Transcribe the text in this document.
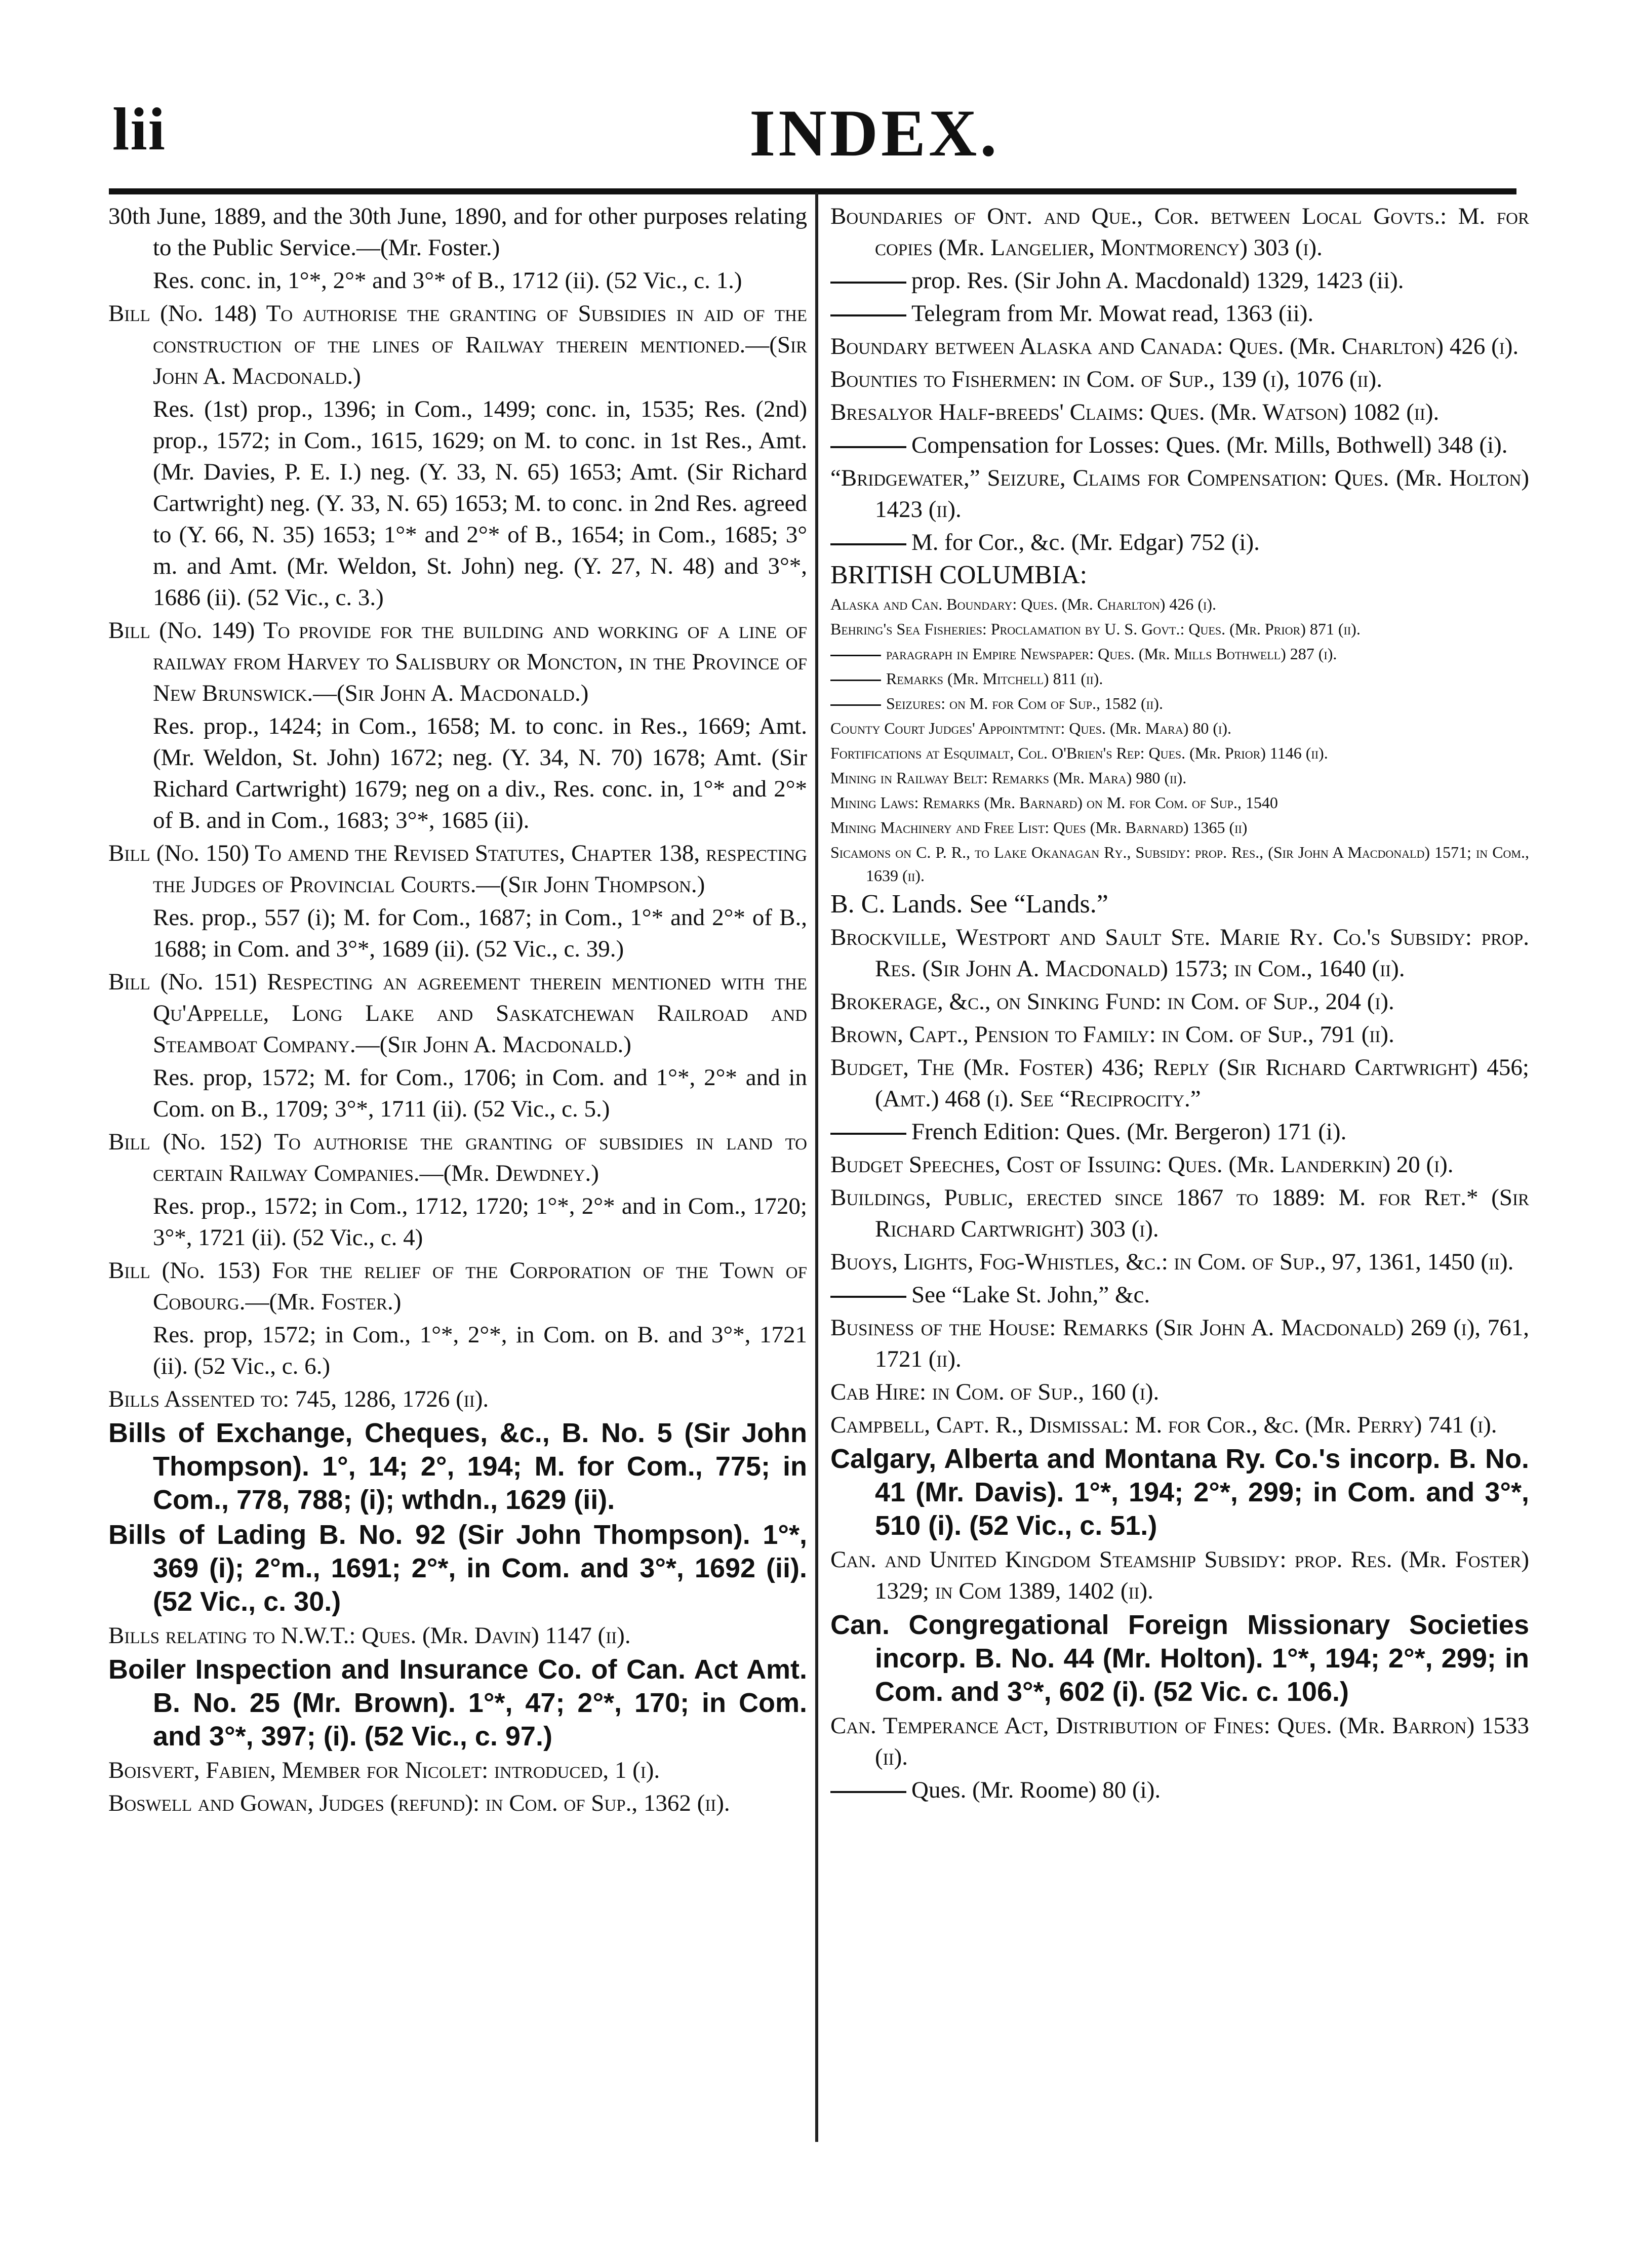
lii	INDEX.

30th June, 1889, and the 30th June, 1890, and for other purposes relating to the Public Service.—(Mr. Foster.)

Res. conc. in, 1°*, 2°* and 3°* of B., 1712 (ii). (52 Vic., c. 1.)

Bill (No. 148) To authorise the granting of Subsidies in aid of the construction of the lines of Railway therein mentioned.—(Sir John A. Macdonald.)

Res. (1st) prop., 1396; in Com., 1499; conc. in, 1535; Res. (2nd) prop., 1572; in Com., 1615, 1629; on M. to conc. in 1st Res., Amt. (Mr. Davies, P. E. I.) neg. (Y. 33, N. 65) 1653; Amt. (Sir Richard Cartwright) neg. (Y. 33, N. 65) 1653; M. to conc. in 2nd Res. agreed to (Y. 66, N. 35) 1653; 1°* and 2°* of B., 1654; in Com., 1685; 3° m. and Amt. (Mr. Weldon, St. John) neg. (Y. 27, N. 48) and 3°*, 1686 (ii). (52 Vic., c. 3.)

Bill (No. 149) To provide for the building and working of a line of railway from Harvey to Salisbury or Moncton, in the Province of New Brunswick.—(Sir John A. Macdonald.)

Res. prop., 1424; in Com., 1658; M. to conc. in Res., 1669; Amt. (Mr. Weldon, St. John) 1672; neg. (Y. 34, N. 70) 1678; Amt. (Sir Richard Cartwright) 1679; neg on a div., Res. conc. in, 1°* and 2°* of B. and in Com., 1683; 3°*, 1685 (ii).

Bill (No. 150) To amend the Revised Statutes, Chapter 138, respecting the Judges of Provincial Courts.—(Sir John Thompson.)

Res. prop., 557 (i); M. for Com., 1687; in Com., 1°* and 2°* of B., 1688; in Com. and 3°*, 1689 (ii). (52 Vic., c. 39.)

Bill (No. 151) Respecting an agreement therein mentioned with the Qu'Appelle, Long Lake and Saskatchewan Railroad and Steamboat Company.—(Sir John A. Macdonald.)

Res. prop, 1572; M. for Com., 1706; in Com. and 1°*, 2°* and in Com. on B., 1709; 3°*, 1711 (ii). (52 Vic., c. 5.)

Bill (No. 152) To authorise the granting of subsidies in land to certain Railway Companies.—(Mr. Dewdney.)

Res. prop., 1572; in Com., 1712, 1720; 1°*, 2°* and in Com., 1720; 3°*, 1721 (ii). (52 Vic., c. 4)

Bill (No. 153) For the relief of the Corporation of the Town of Cobourg.—(Mr. Foster.)

Res. prop, 1572; in Com., 1°*, 2°*, in Com. on B. and 3°*, 1721 (ii). (52 Vic., c. 6.)

Bills Assented to: 745, 1286, 1726 (ii).

Bills of Exchange, Cheques, &c., B. No. 5 (Sir John Thompson). 1°, 14; 2°, 194; M. for Com., 775; in Com., 778, 788; (i); wthdn., 1629 (ii).

Bills of Lading B. No. 92 (Sir John Thompson). 1°*, 369 (i); 2°m., 1691; 2°*, in Com. and 3°*, 1692 (ii). (52 Vic., c. 30.)

Bills relating to N.W.T.: Ques. (Mr. Davin) 1147 (ii).

Boiler Inspection and Insurance Co. of Can. Act Amt. B. No. 25 (Mr. Brown). 1°*, 47; 2°*, 170; in Com. and 3°*, 397; (i). (52 Vic., c. 97.)

Boisvert, Fabien, Member for Nicolet: introduced, 1 (i).

Boswell and Gowan, Judges (refund): in Com. of Sup., 1362 (ii).

Boundaries of Ont. and Que., Cor. between Local Govts.: M. for copies (Mr. Langelier, Montmorency) 303 (i).

prop. Res. (Sir John A. Macdonald) 1329, 1423 (ii).

Telegram from Mr. Mowat read, 1363 (ii).

Boundary between Alaska and Canada: Ques. (Mr. Charlton) 426 (i).

Bounties to Fishermen: in Com. of Sup., 139 (i), 1076 (ii).

Bresalyor Half-breeds' Claims: Ques. (Mr. Watson) 1082 (ii).

Compensation for Losses: Ques. (Mr. Mills, Bothwell) 348 (i).

“Bridgewater,” Seizure, Claims for Compensation: Ques. (Mr. Holton) 1423 (ii).

M. for Cor., &c. (Mr. Edgar) 752 (i).

BRITISH COLUMBIA:

Alaska and Can. Boundary: Ques. (Mr. Charlton) 426 (i).

Behring's Sea Fisheries: Proclamation by U. S. Govt.: Ques. (Mr. Prior) 871 (ii).

paragraph in Empire Newspaper: Ques. (Mr. Mills Bothwell) 287 (i).

Remarks (Mr. Mitchell) 811 (ii).

Seizures: on M. for Com of Sup., 1582 (ii).

County Court Judges' Appointmtnt: Ques. (Mr. Mara) 80 (i).

Fortifications at Esquimalt, Col. O'Brien's Rep: Ques. (Mr. Prior) 1146 (ii).

Mining in Railway Belt: Remarks (Mr. Mara) 980 (ii).

Mining Laws: Remarks (Mr. Barnard) on M. for Com. of Sup., 1540

Mining Machinery and Free List: Ques (Mr. Barnard) 1365 (ii)

Sicamons on C. P. R., to Lake Okanagan Ry., Subsidy: prop. Res., (Sir John A Macdonald) 1571; in Com., 1639 (ii).

B. C. Lands. See “Lands.”

Brockville, Westport and Sault Ste. Marie Ry. Co.'s Subsidy: prop. Res. (Sir John A. Macdonald) 1573; in Com., 1640 (ii).

Brokerage, &c., on Sinking Fund: in Com. of Sup., 204 (i).

Brown, Capt., Pension to Family: in Com. of Sup., 791 (ii).

Budget, The (Mr. Foster) 436; Reply (Sir Richard Cartwright) 456; (Amt.) 468 (i). See “Reciprocity.”

French Edition: Ques. (Mr. Bergeron) 171 (i).

Budget Speeches, Cost of Issuing: Ques. (Mr. Landerkin) 20 (i).

Buildings, Public, erected since 1867 to 1889: M. for Ret.* (Sir Richard Cartwright) 303 (i).

Buoys, Lights, Fog-Whistles, &c.: in Com. of Sup., 97, 1361, 1450 (ii).

See “Lake St. John,” &c.

Business of the House: Remarks (Sir John A. Macdonald) 269 (i), 761, 1721 (ii).

Cab Hire: in Com. of Sup., 160 (i).

Campbell, Capt. R., Dismissal: M. for Cor., &c. (Mr. Perry) 741 (i).

Calgary, Alberta and Montana Ry. Co.'s incorp. B. No. 41 (Mr. Davis). 1°*, 194; 2°*, 299; in Com. and 3°*, 510 (i). (52 Vic., c. 51.)

Can. and United Kingdom Steamship Subsidy: prop. Res. (Mr. Foster) 1329; in Com 1389, 1402 (ii).

Can. Congregational Foreign Missionary Societies incorp. B. No. 44 (Mr. Holton). 1°*, 194; 2°*, 299; in Com. and 3°*, 602 (i). (52 Vic. c. 106.)

Can. Temperance Act, Distribution of Fines: Ques. (Mr. Barron) 1533 (ii).

Ques. (Mr. Roome) 80 (i).
